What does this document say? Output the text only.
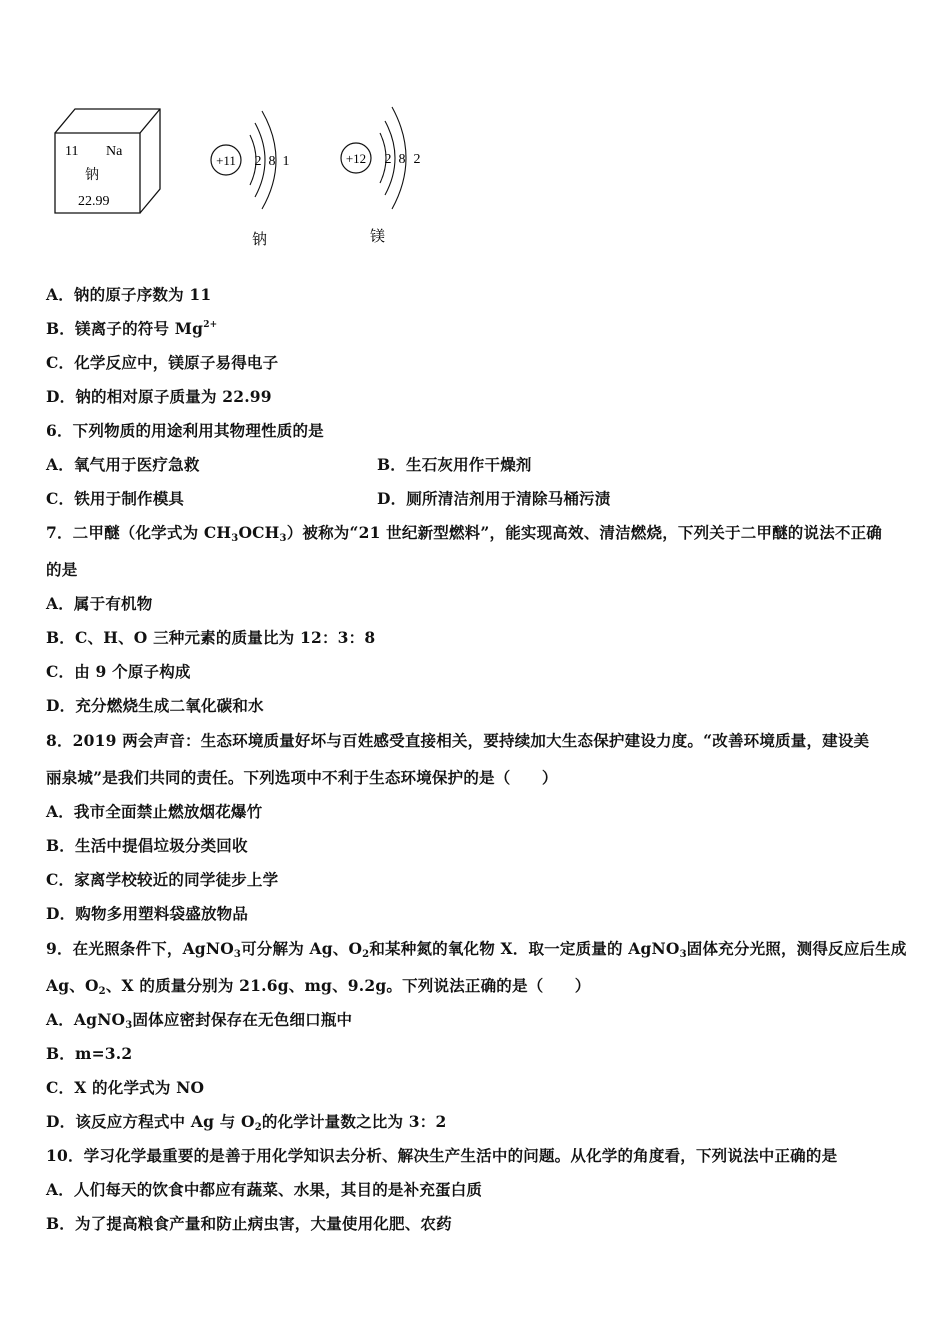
11 Na
钠
22.99
+11 2 8 1
钠
+12 2 8 2
镁
A．钠的原子序数为 11
B．镁离子的符号 $Mg^{2+}$
C．化学反应中，镁原子易得电子
D．钠的相对原子质量为 22.99
6．下列物质的用途利用其物理性质的是
A．氧气用于医疗急救	B．生石灰用作干燥剂
C．铁用于制作模具	D．厕所清洁剂用于清除马桶污渍
7．二甲醚（化学式为 $CH_3OCH_3$）被称为“21 世纪新型燃料”，能实现高效、清洁燃烧，下列关于二甲醚的说法不正确
的是
A．属于有机物
B．C、H、O 三种元素的质量比为 12：3：8
C．由 9 个原子构成
D．充分燃烧生成二氧化碳和水
8．2019 两会声音：生态环境质量好坏与百姓感受直接相关，要持续加大生态保护建设力度。“改善环境质量，建设美
丽泉城”是我们共同的责任。下列选项中不利于生态环境保护的是（　　）
A．我市全面禁止燃放烟花爆竹
B．生活中提倡垃圾分类回收
C．家离学校较近的同学徒步上学
D．购物多用塑料袋盛放物品
9．在光照条件下，AgNO$_3$可分解为 Ag、$O_2$和某种氮的氧化物 X．取一定质量的 AgNO$_3$固体充分光照，测得反应后生成
Ag、$O_2$、X 的质量分别为 21.6g、mg、9.2g。下列说法正确的是（　　）
A．AgNO$_3$固体应密封保存在无色细口瓶中
B．m=3.2
C．X 的化学式为 NO
D．该反应方程式中 Ag 与 $O_2$的化学计量数之比为 3：2
10．学习化学最重要的是善于用化学知识去分析、解决生产生活中的问题。从化学的角度看，下列说法中正确的是
A．人们每天的饮食中都应有蔬菜、水果，其目的是补充蛋白质
B．为了提高粮食产量和防止病虫害，大量使用化肥、农药
